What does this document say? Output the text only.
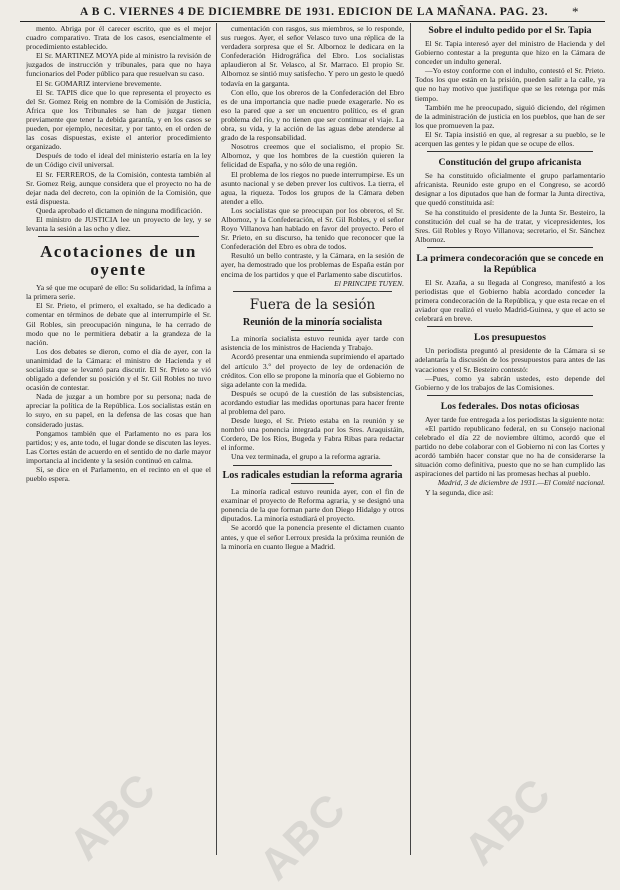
A B C. VIERNES 4 DE DICIEMBRE DE 1931. EDICION DE LA MAÑANA. PAG. 23.	*

mento. Abriga por él carecer escrito, que es el mejor cuadro comparativo. Trata de los casos, esencialmente el procedimiento establecido.

El Sr. MARTINEZ MOYA pide al ministro la revisión de juzgados de instrucción y tribunales, para que no haya funcionarios del Poder público para que resuelvan su caso.

El Sr. GOMARIZ interviene brevemente.

El Sr. TAPIS dice que lo que representa el proyecto es del Sr. Gomez Reig en nombre de la Comisión de Justicia, Africa que los Tribunales se han de juzgar tienen previamente que tener la debida garantía, y en los casos se pueden, por ejemplo, necesitar, y por tanto, en el orden de las cosas dispuestas, existe el anterior procedimiento organizado.

Después de todo el ideal del ministerio estaría en la ley de un Código civil universal.

El Sr. FERREROS, de la Comisión, contesta también al Sr. Gomez Reig, aunque considera que el proyecto no ha de dejar nada del decreto, con la opinión de la Comisión, que está dispuesta.

Queda aprobado el dictamen de ninguna modificación.

El ministro de JUSTICIA lee un proyecto de ley, y se levanta la sesión a las ocho y diez.

Acotaciones de un oyente

Ya sé que me ocuparé de ello: Su solidaridad, la ínfima a la primera serie.

El Sr. Prieto, el primero, el exaltado, se ha dedicado a comentar en términos de debate que al interrumpirle el Sr. Gil Robles, sin preocupación ninguna, le ha cerrado de modo que no le permitiera debatir a la grandeza de la nación.

Los dos debates se dieron, como el día de ayer, con la unanimidad de la Cámara: el ministro de Hacienda y el socialista que se levantó para discutir. El Sr. Prieto se vió obligado a defender su posición y el Sr. Gil Robles no tuvo ocasión de contestar.

Nada de juzgar a un hombre por su persona; nada de apreciar la política de la República. Los socialistas están en lo suyo, en su papel, en la defensa de las cosas que han considerado justas.

Pongamos también que el Parlamento no es para los partidos; y es, ante todo, el lugar donde se discuten las leyes. Las Cortes están de acuerdo en el sentido de no darle mayor importancia al incidente y la sesión continuó en calma.

Sí, se dice en el Parlamento, en el recinto en el que el pueblo espera.

cumentación con rasgos, sus miembros, se lo responde, sus ruegos. Ayer, el señor Velasco tuvo una réplica de la verdadera sorpresa que el Sr. Albornoz le dedicara en la Confederación Hidrográfica del Ebro. Los socialistas aplaudieron al Sr. Velasco, al Sr. Marraco. El propio Sr. Albornoz se sintió muy satisfecho. Y pero un gesto le quedó todavía en la garganta.

Con ello, que los obreros de la Confederación del Ebro es de una importancia que nadie puede exagerarle. No es eso la pared que a ser un encuentro político, es el gran problema del río, y no tienen que ser continuar el viaje. La obra, su vida, y la acción de las aguas debe atenderse al grado de la responsabilidad.

Nosotros creemos que el socialismo, el propio Sr. Albornoz, y que los hombres de la cuestión quieren la felicidad de España, y no sólo de una región.

El problema de los riegos no puede interrumpirse. Es un asunto nacional y se deben prever los cultivos. La tierra, el agua, la riqueza. Todos los grupos de la Cámara deben atender a ello.

Los socialistas que se preocupan por los obreros, el Sr. Albornoz, y la Confederación, el Sr. Gil Robles, y el señor Royo Villanova han hablado en favor del proyecto. Pero el Sr. Prieto, en su discurso, ha tenido que reconocer que la Confederación del Ebro es obra de todos.

Resultó un bello contraste, y la Cámara, en la sesión de ayer, ha demostrado que los problemas de España están por encima de los partidos y que el Parlamento sabe discutirlos.

El PRINCIPE TUYEN.

Fuera de la sesión
Reunión de la minoría socialista

La minoría socialista estuvo reunida ayer tarde con asistencia de los ministros de Hacienda y Trabajo.

Acordó presentar una enmienda suprimiendo el apartado del artículo 3.º del proyecto de ley de ordenación de créditos. Con ello se propone la minoría que el Gobierno no siga adelante con la medida.

Después se ocupó de la cuestión de las subsistencias, acordando estudiar las medidas oportunas para hacer frente al problema del paro.

Desde luego, el Sr. Prieto estaba en la reunión y se nombró una ponencia integrada por los Sres. Araquistáin, Cordero, De los Ríos, Bugeda y Fabra Ribas para redactar el informe.

Una vez terminada, el grupo a la reforma agraria.

Los radicales estudian la reforma agraria

La minoría radical estuvo reunida ayer, con el fin de examinar el proyecto de Reforma agraria, y se designó una ponencia de la que forman parte don Diego Hidalgo y otros diputados. La minoría estudiará el proyecto.

Se acordó que la ponencia presente el dictamen cuanto antes, y que el señor Lerroux presida la próxima reunión de la minoría en cuanto llegue a Madrid.

Sobre el indulto pedido por el Sr. Tapia

El Sr. Tapia interesó ayer del ministro de Hacienda y del Gobierno contestar a la pregunta que hizo en la Cámara de conceder un indulto general.

—Yo estoy conforme con el indulto, contestó el Sr. Prieto. Todos los que están en la prisión, pueden salir a la calle, ya que no hay motivo que justifique que se les retenga por más tiempo.

También me he preocupado, siguió diciendo, del régimen de la administración de justicia en los pueblos, que han de ser los que promueven la paz.

El Sr. Tapia insistió en que, al regresar a su pueblo, se le acerquen las gentes y le pidan que se ocupe de ellos.

Constitución del grupo africanista

Se ha constituido oficialmente el grupo parlamentario africanista. Reunido este grupo en el Congreso, se acordó designar a los diputados que han de formar la Junta directiva, que quedó constituida así:

Se ha constituido el presidente de la Junta Sr. Besteiro, la constitución del cual se ha de tratar, y vicepresidentes, los Sres. Gil Robles y Royo Villanova; secretario, el Sr. Sánchez Albornoz.

La primera condecoración que se concede en la República

El Sr. Azaña, a su llegada al Congreso, manifestó a los periodistas que el Gobierno había acordado conceder la primera condecoración de la República, y que esta recae en el aviador que realizó el vuelo Madrid-Guinea, y que el acto se celebrará en breve.

Los presupuestos

Un periodista preguntó al presidente de la Cámara si se adelantaría la discusión de los presupuestos para antes de las vacaciones y el Sr. Besteiro contestó:

—Pues, como ya sabrán ustedes, esto depende del Gobierno y de los trabajos de las Comisiones.

Los federales. Dos notas oficiosas

Ayer tarde fue entregada a los periodistas la siguiente nota:

«El partido republicano federal, en su Consejo nacional celebrado el día 22 de noviembre último, acordó que el partido no debe colaborar con el Gobierno ni con las Cortes y acordó también hacer constar que no ha de considerarse la situación como definitiva, puesto que no se han cumplido las aspiraciones del partido ni las promesas hechas al pueblo.

Madrid, 3 de diciembre de 1931.—El Comité nacional.

Y la segunda, dice así:

ABC ABC ABC
